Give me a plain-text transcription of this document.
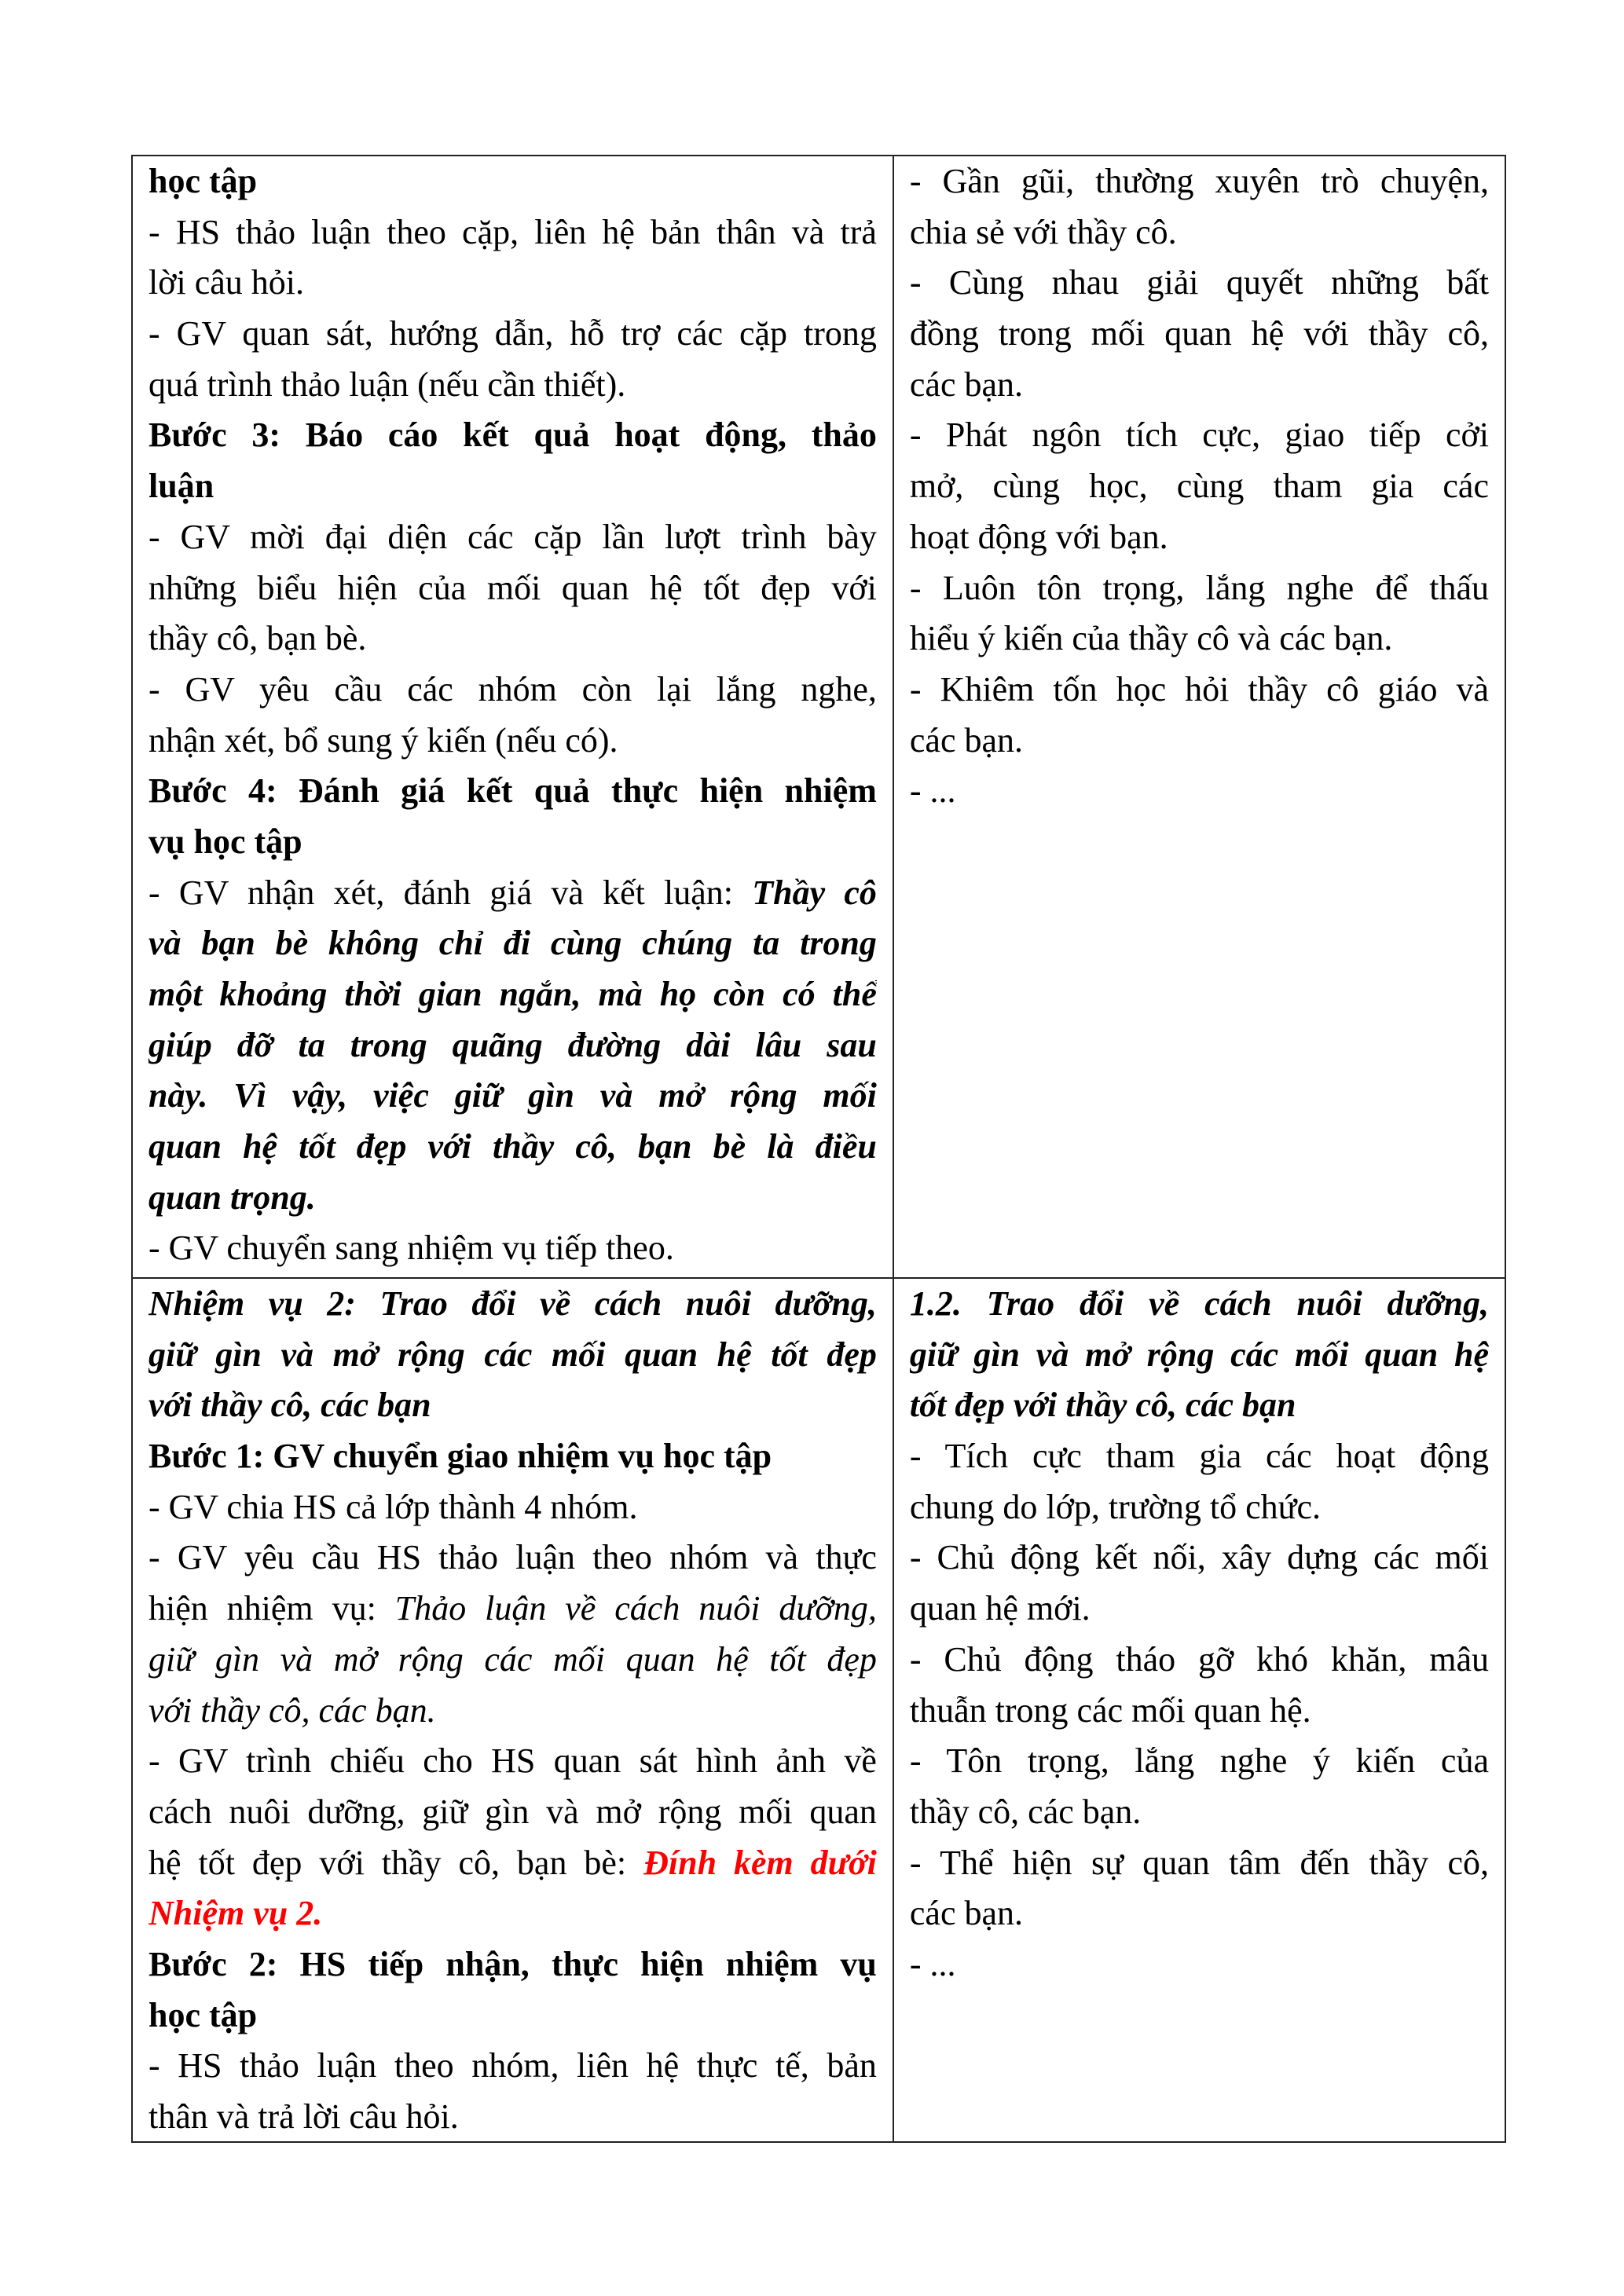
học tập
- HS thảo luận theo cặp, liên hệ bản thân và trả
lời câu hỏi.
- GV quan sát, hướng dẫn, hỗ trợ các cặp trong
quá trình thảo luận (nếu cần thiết).
Bước 3: Báo cáo kết quả hoạt động, thảo
luận
- GV mời đại diện các cặp lần lượt trình bày
những biểu hiện của mối quan hệ tốt đẹp với
thầy cô, bạn bè.
- GV yêu cầu các nhóm còn lại lắng nghe,
nhận xét, bổ sung ý kiến (nếu có).
Bước 4: Đánh giá kết quả thực hiện nhiệm
vụ học tập
- GV nhận xét, đánh giá và kết luận: Thầy cô
và bạn bè không chỉ đi cùng chúng ta trong
một khoảng thời gian ngắn, mà họ còn có thể
giúp đỡ ta trong quãng đường dài lâu sau
này. Vì vậy, việc giữ gìn và mở rộng mối
quan hệ tốt đẹp với thầy cô, bạn bè là điều
quan trọng.
- GV chuyển sang nhiệm vụ tiếp theo.
- Gần gũi, thường xuyên trò chuyện,
chia sẻ với thầy cô.
- Cùng nhau giải quyết những bất
đồng trong mối quan hệ với thầy cô,
các bạn.
- Phát ngôn tích cực, giao tiếp cởi
mở, cùng học, cùng tham gia các
hoạt động với bạn.
- Luôn tôn trọng, lắng nghe để thấu
hiểu ý kiến của thầy cô và các bạn.
- Khiêm tốn học hỏi thầy cô giáo và
các bạn.
- ...
Nhiệm vụ 2: Trao đổi về cách nuôi dưỡng,
giữ gìn và mở rộng các mối quan hệ tốt đẹp
với thầy cô, các bạn
Bước 1: GV chuyển giao nhiệm vụ học tập
- GV chia HS cả lớp thành 4 nhóm.
- GV yêu cầu HS thảo luận theo nhóm và thực
hiện nhiệm vụ: Thảo luận về cách nuôi dưỡng,
giữ gìn và mở rộng các mối quan hệ tốt đẹp
với thầy cô, các bạn.
- GV trình chiếu cho HS quan sát hình ảnh về
cách nuôi dưỡng, giữ gìn và mở rộng mối quan
hệ tốt đẹp với thầy cô, bạn bè: Đính kèm dưới
Nhiệm vụ 2.
Bước 2: HS tiếp nhận, thực hiện nhiệm vụ
học tập
- HS thảo luận theo nhóm, liên hệ thực tế, bản
thân và trả lời câu hỏi.
1.2. Trao đổi về cách nuôi dưỡng,
giữ gìn và mở rộng các mối quan hệ
tốt đẹp với thầy cô, các bạn
- Tích cực tham gia các hoạt động
chung do lớp, trường tổ chức.
- Chủ động kết nối, xây dựng các mối
quan hệ mới.
- Chủ động tháo gỡ khó khăn, mâu
thuẫn trong các mối quan hệ.
- Tôn trọng, lắng nghe ý kiến của
thầy cô, các bạn.
- Thể hiện sự quan tâm đến thầy cô,
các bạn.
- ...
